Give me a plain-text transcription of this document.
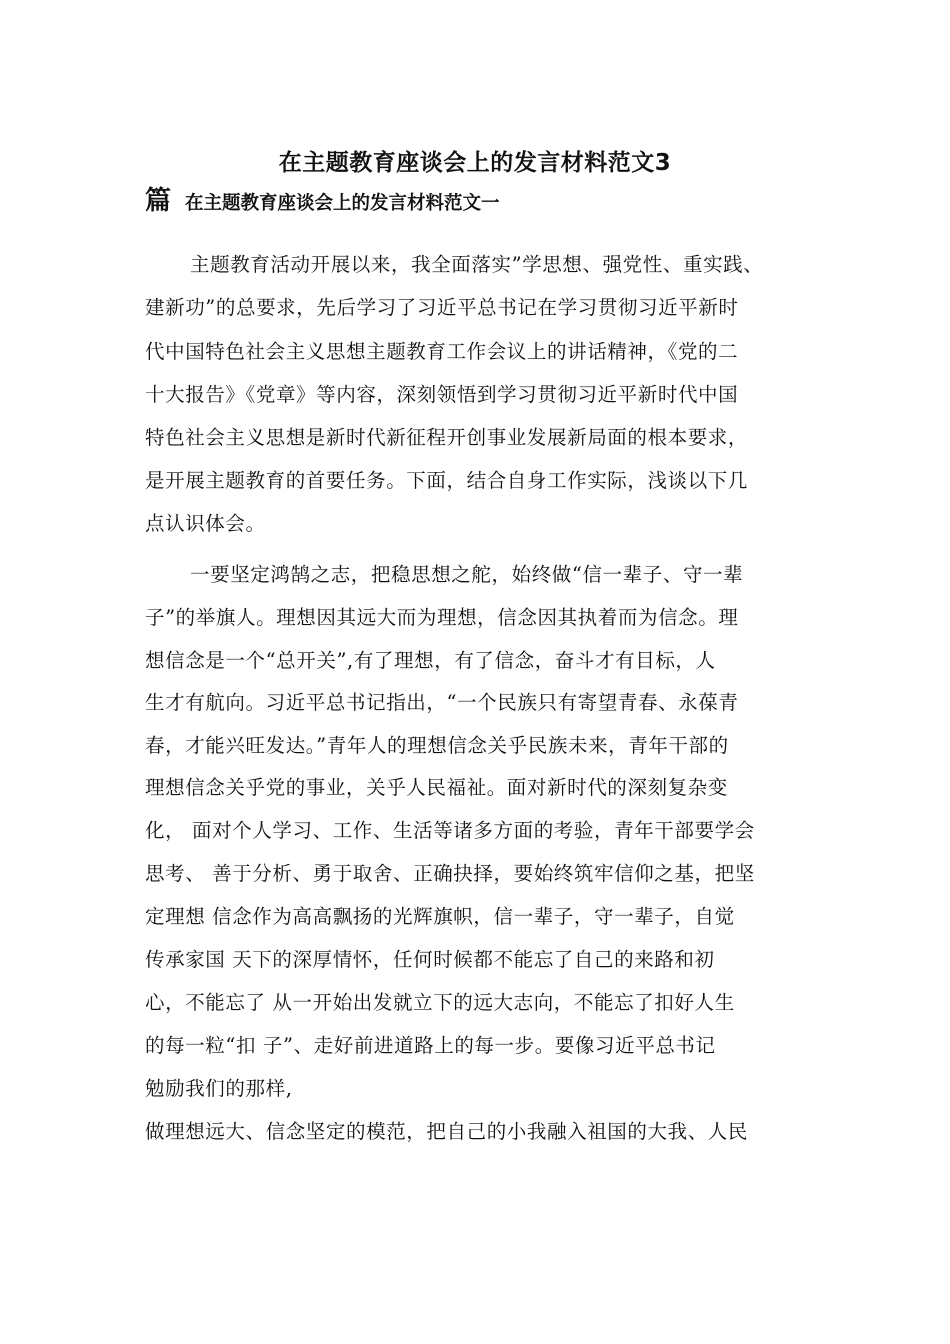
在主题教育座谈会上的发言材料范文3
篇 在主题教育座谈会上的发言材料范文一
主题教育活动开展以来，我全面落实”学思想、强党性、重实践、
建新功”的总要求，先后学习了习近平总书记在学习贯彻习近平新时
代中国特色社会主义思想主题教育工作会议上的讲话精神，《党的二
十大报告》《党章》等内容，深刻领悟到学习贯彻习近平新时代中国
特色社会主义思想是新时代新征程开创事业发展新局面的根本要求，
是开展主题教育的首要任务。下面，结合自身工作实际，浅谈以下几
点认识体会。
一要坚定鸿鹄之志，把稳思想之舵，始终做“信一辈子、守一辈
子”的举旗人。理想因其远大而为理想，信念因其执着而为信念。理
想信念是一个“总开关”,有了理想，有了信念，奋斗才有目标，人
生才有航向。习近平总书记指出，“一个民族只有寄望青春、永葆青
春，才能兴旺发达。”青年人的理想信念关乎民族未来，青年干部的
理想信念关乎党的事业，关乎人民福祉。面对新时代的深刻复杂变
化， 面对个人学习、工作、生活等诸多方面的考验，青年干部要学会
思考、 善于分析、勇于取舍、正确抉择，要始终筑牢信仰之基，把坚
定理想 信念作为高高飘扬的光辉旗帜，信一辈子，守一辈子，自觉
传承家国 天下的深厚情怀，任何时候都不能忘了自己的来路和初
心，不能忘了 从一开始出发就立下的远大志向，不能忘了扣好人生
的每一粒“扣 子”、走好前进道路上的每一步。要像习近平总书记
勉励我们的那样,
做理想远大、信念坚定的模范，把自己的小我融入祖国的大我、人民
